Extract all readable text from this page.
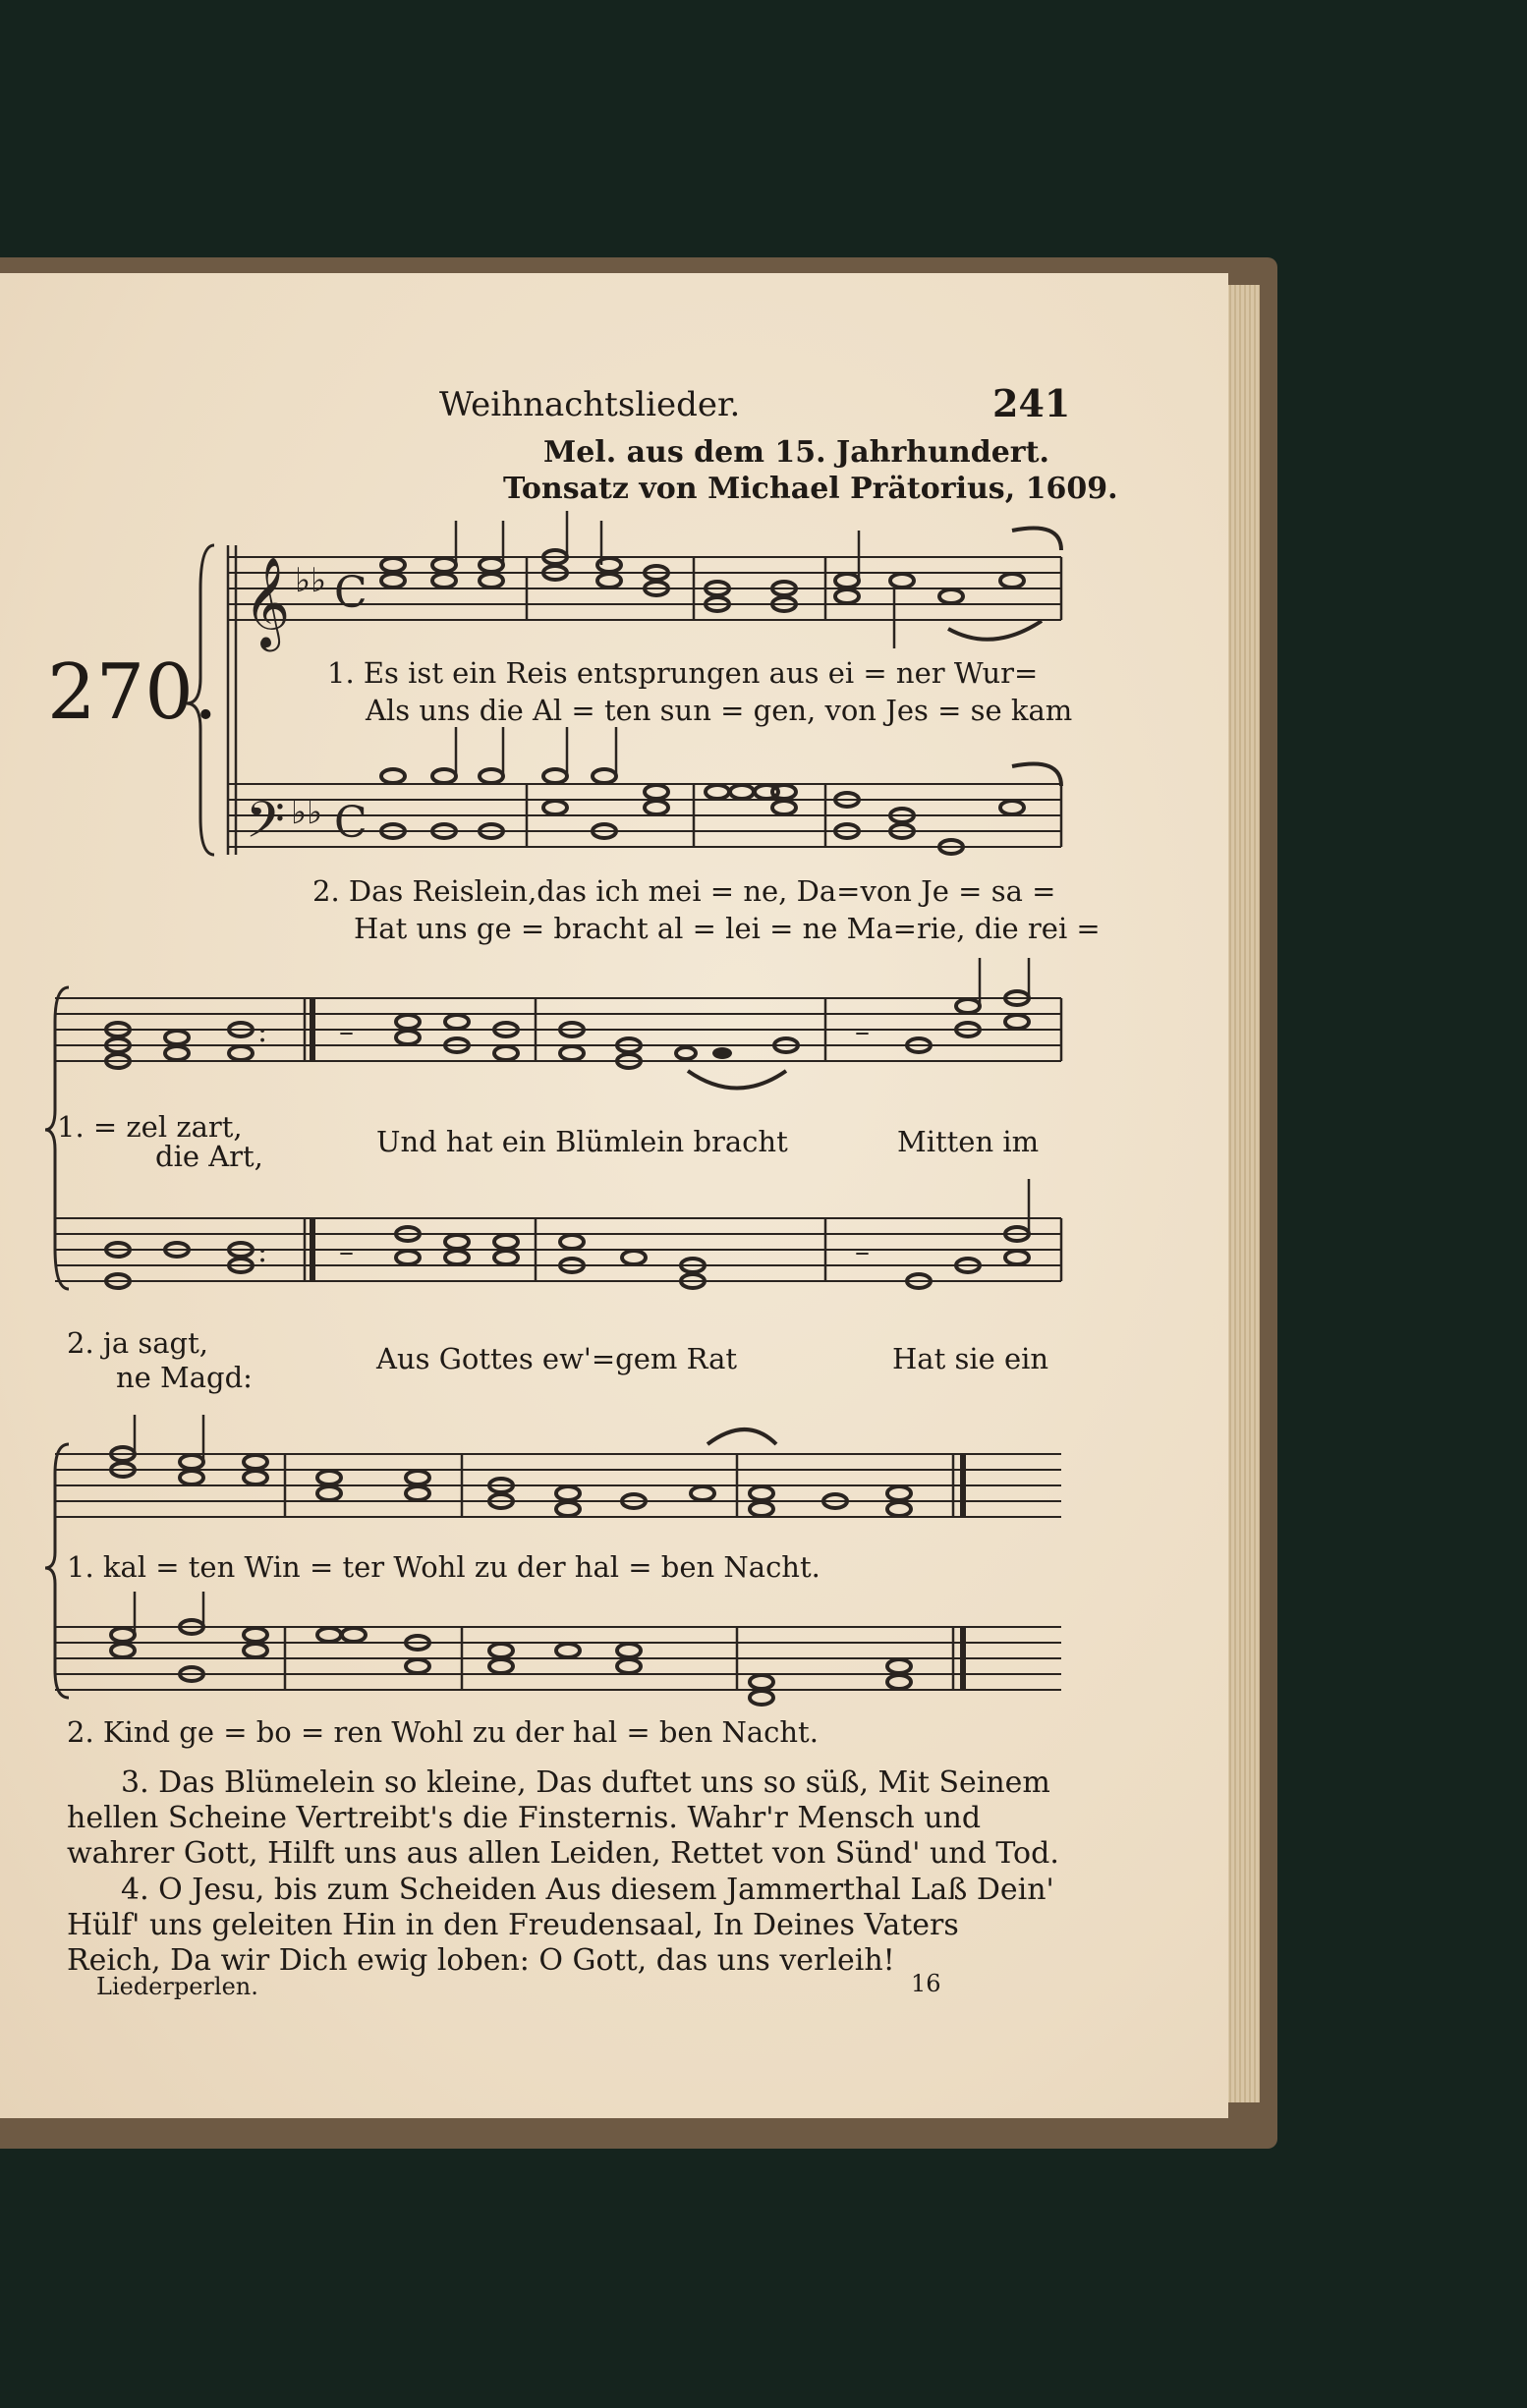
Weihnachtslieder.	241
Mel. aus dem 15. Jahrhundert.
Tonsatz von Michael Prätorius, 1609.
270.
𝄞
𝄢
♭♭
♭♭
C
C
: –	–
: –	–
1. Es ist ein Reis entsprungen aus ei = ner Wur=
Als uns die Al = ten sun = gen, von Jes = se kam
2. Das Reislein,das ich mei = ne, Da=von Je = sa =
Hat uns ge = bracht al = lei = ne Ma=rie, die rei =
1. = zel zart,
die Art,	Und hat ein Blümlein bracht	Mitten im
2. ja sagt,
ne Magd:
Aus Gottes ew'=gem Rat	Hat sie ein
1. kal = ten Win = ter Wohl zu der hal = ben Nacht.
2. Kind ge = bo = ren Wohl zu der hal = ben Nacht.
3. Das Blümelein so kleine, Das duftet uns so süß, Mit Seinem hellen Scheine Vertreibt's die Finsternis. Wahr'r Mensch und wahrer Gott, Hilft uns aus allen Leiden, Rettet von Sünd' und Tod.
4. O Jesu, bis zum Scheiden Aus diesem Jammerthal Laß Dein' Hülf' uns geleiten Hin in den Freudensaal, In Deines Vaters Reich, Da wir Dich ewig loben: O Gott, das uns verleih!
Liederperlen.	16
